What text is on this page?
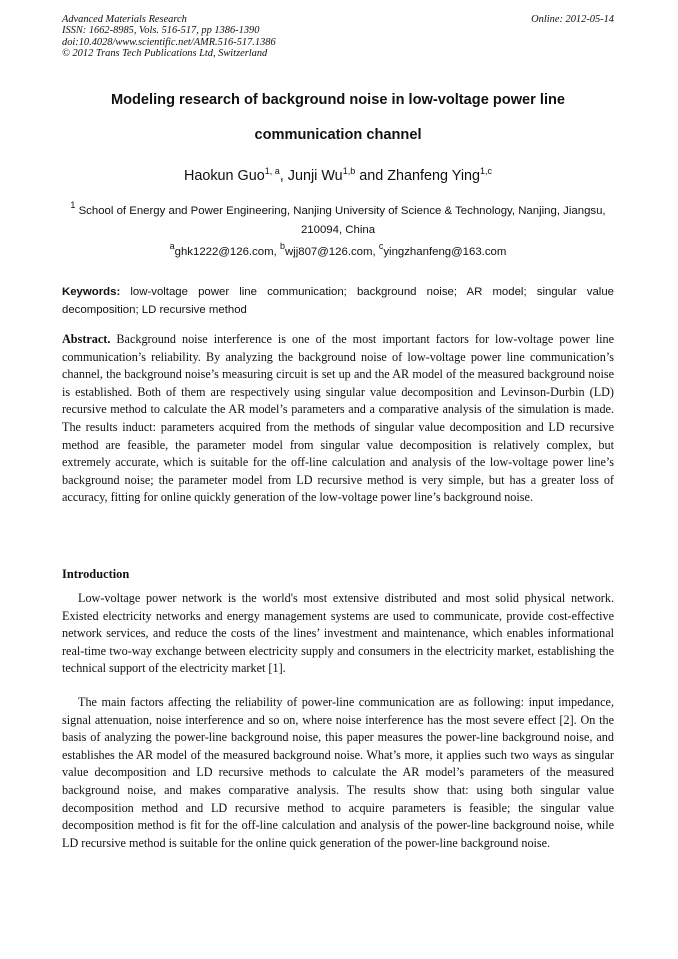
Advanced Materials Research
ISSN: 1662-8985, Vols. 516-517, pp 1386-1390
doi:10.4028/www.scientific.net/AMR.516-517.1386
© 2012 Trans Tech Publications Ltd, Switzerland
Online: 2012-05-14
Modeling research of background noise in low-voltage power line
communication channel
Haokun Guo$^{1, a}$, Junji Wu$^{1,b}$ and Zhanfeng Ying$^{1,c}$
$^1$ School of Energy and Power Engineering, Nanjing University of Science & Technology, Nanjing, Jiangsu, 210094, China
$^a$ghk1222@126.com, $^b$wjj807@126.com, $^c$yingzhanfeng@163.com
Keywords: low-voltage power line communication; background noise; AR model; singular value decomposition; LD recursive method

Abstract. Background noise interference is one of the most important factors for low-voltage power line communication’s reliability. By analyzing the background noise of low-voltage power line communication’s channel, the background noise’s measuring circuit is set up and the AR model of the measured background noise is established. Both of them are respectively using singular value decomposition and Levinson-Durbin (LD) recursive method to calculate the AR model’s parameters and a comparative analysis of the simulation is made. The results induct: parameters acquired from the methods of singular value decomposition and LD recursive method are feasible, the parameter model from singular value decomposition is relatively complex, but extremely accurate, which is suitable for the off-line calculation and analysis of the low-voltage power line’s background noise; the parameter model from LD recursive method is very simple, but has a greater loss of accuracy, fitting for online quickly generation of the low-voltage power line’s background noise.

Introduction

Low-voltage power network is the world's most extensive distributed and most solid physical network. Existed electricity networks and energy management systems are used to communicate, provide cost-effective network services, and reduce the costs of the lines’ investment and maintenance, which enables informational real-time two-way exchange between electricity supply and consumers in the electricity market, establishing the technical support of the electricity market [1].

The main factors affecting the reliability of power-line communication are as following: input impedance, signal attenuation, noise interference and so on, where noise interference has the most severe effect [2]. On the basis of analyzing the power-line background noise, this paper measures the power-line background noise, and establishes the AR model of the measured background noise. What’s more, it applies such two ways as singular value decomposition and LD recursive methods to calculate the AR model’s parameters of the measured background noise, and makes comparative analysis. The results show that: using both singular value decomposition method and LD recursive method to acquire parameters is feasible; the singular value decomposition method is fit for the off-line calculation and analysis of the power-line background noise, while LD recursive method is suitable for the online quick generation of the power-line background noise.
